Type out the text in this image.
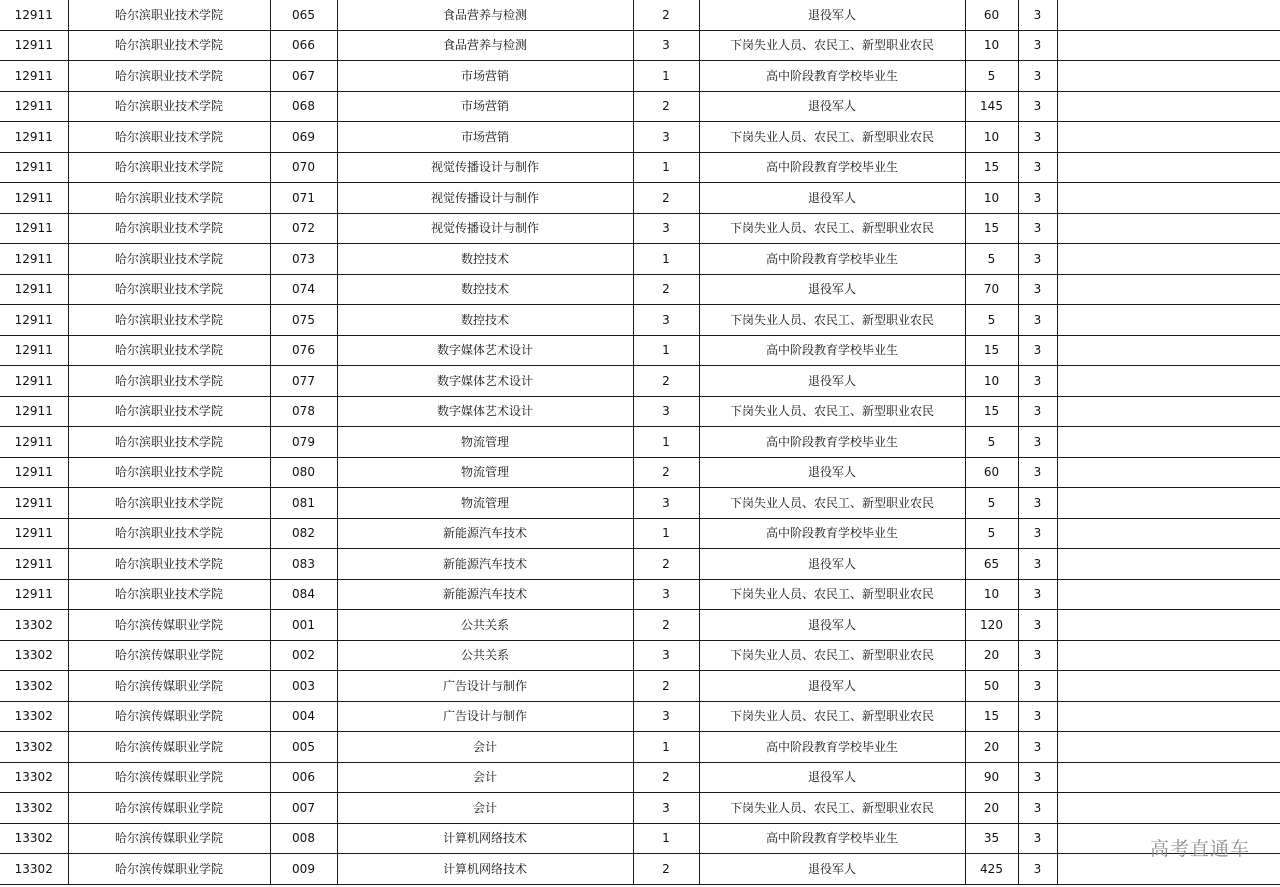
12911	哈尔滨职业技术学院	065	食品营养与检测	2	退役军人	60	3	
12911	哈尔滨职业技术学院	066	食品营养与检测	3	下岗失业人员、农民工、新型职业农民	10	3	
12911	哈尔滨职业技术学院	067	市场营销	1	高中阶段教育学校毕业生	5	3	
12911	哈尔滨职业技术学院	068	市场营销	2	退役军人	145	3	
12911	哈尔滨职业技术学院	069	市场营销	3	下岗失业人员、农民工、新型职业农民	10	3	
12911	哈尔滨职业技术学院	070	视觉传播设计与制作	1	高中阶段教育学校毕业生	15	3	
12911	哈尔滨职业技术学院	071	视觉传播设计与制作	2	退役军人	10	3	
12911	哈尔滨职业技术学院	072	视觉传播设计与制作	3	下岗失业人员、农民工、新型职业农民	15	3	
12911	哈尔滨职业技术学院	073	数控技术	1	高中阶段教育学校毕业生	5	3	
12911	哈尔滨职业技术学院	074	数控技术	2	退役军人	70	3	
12911	哈尔滨职业技术学院	075	数控技术	3	下岗失业人员、农民工、新型职业农民	5	3	
12911	哈尔滨职业技术学院	076	数字媒体艺术设计	1	高中阶段教育学校毕业生	15	3	
12911	哈尔滨职业技术学院	077	数字媒体艺术设计	2	退役军人	10	3	
12911	哈尔滨职业技术学院	078	数字媒体艺术设计	3	下岗失业人员、农民工、新型职业农民	15	3	
12911	哈尔滨职业技术学院	079	物流管理	1	高中阶段教育学校毕业生	5	3	
12911	哈尔滨职业技术学院	080	物流管理	2	退役军人	60	3	
12911	哈尔滨职业技术学院	081	物流管理	3	下岗失业人员、农民工、新型职业农民	5	3	
12911	哈尔滨职业技术学院	082	新能源汽车技术	1	高中阶段教育学校毕业生	5	3	
12911	哈尔滨职业技术学院	083	新能源汽车技术	2	退役军人	65	3	
12911	哈尔滨职业技术学院	084	新能源汽车技术	3	下岗失业人员、农民工、新型职业农民	10	3	
13302	哈尔滨传媒职业学院	001	公共关系	2	退役军人	120	3	
13302	哈尔滨传媒职业学院	002	公共关系	3	下岗失业人员、农民工、新型职业农民	20	3	
13302	哈尔滨传媒职业学院	003	广告设计与制作	2	退役军人	50	3	
13302	哈尔滨传媒职业学院	004	广告设计与制作	3	下岗失业人员、农民工、新型职业农民	15	3	
13302	哈尔滨传媒职业学院	005	会计	1	高中阶段教育学校毕业生	20	3	
13302	哈尔滨传媒职业学院	006	会计	2	退役军人	90	3	
13302	哈尔滨传媒职业学院	007	会计	3	下岗失业人员、农民工、新型职业农民	20	3	
13302	哈尔滨传媒职业学院	008	计算机网络技术	1	高中阶段教育学校毕业生	35	3	
13302	哈尔滨传媒职业学院	009	计算机网络技术	2	退役军人	425	3	
高考直通车
